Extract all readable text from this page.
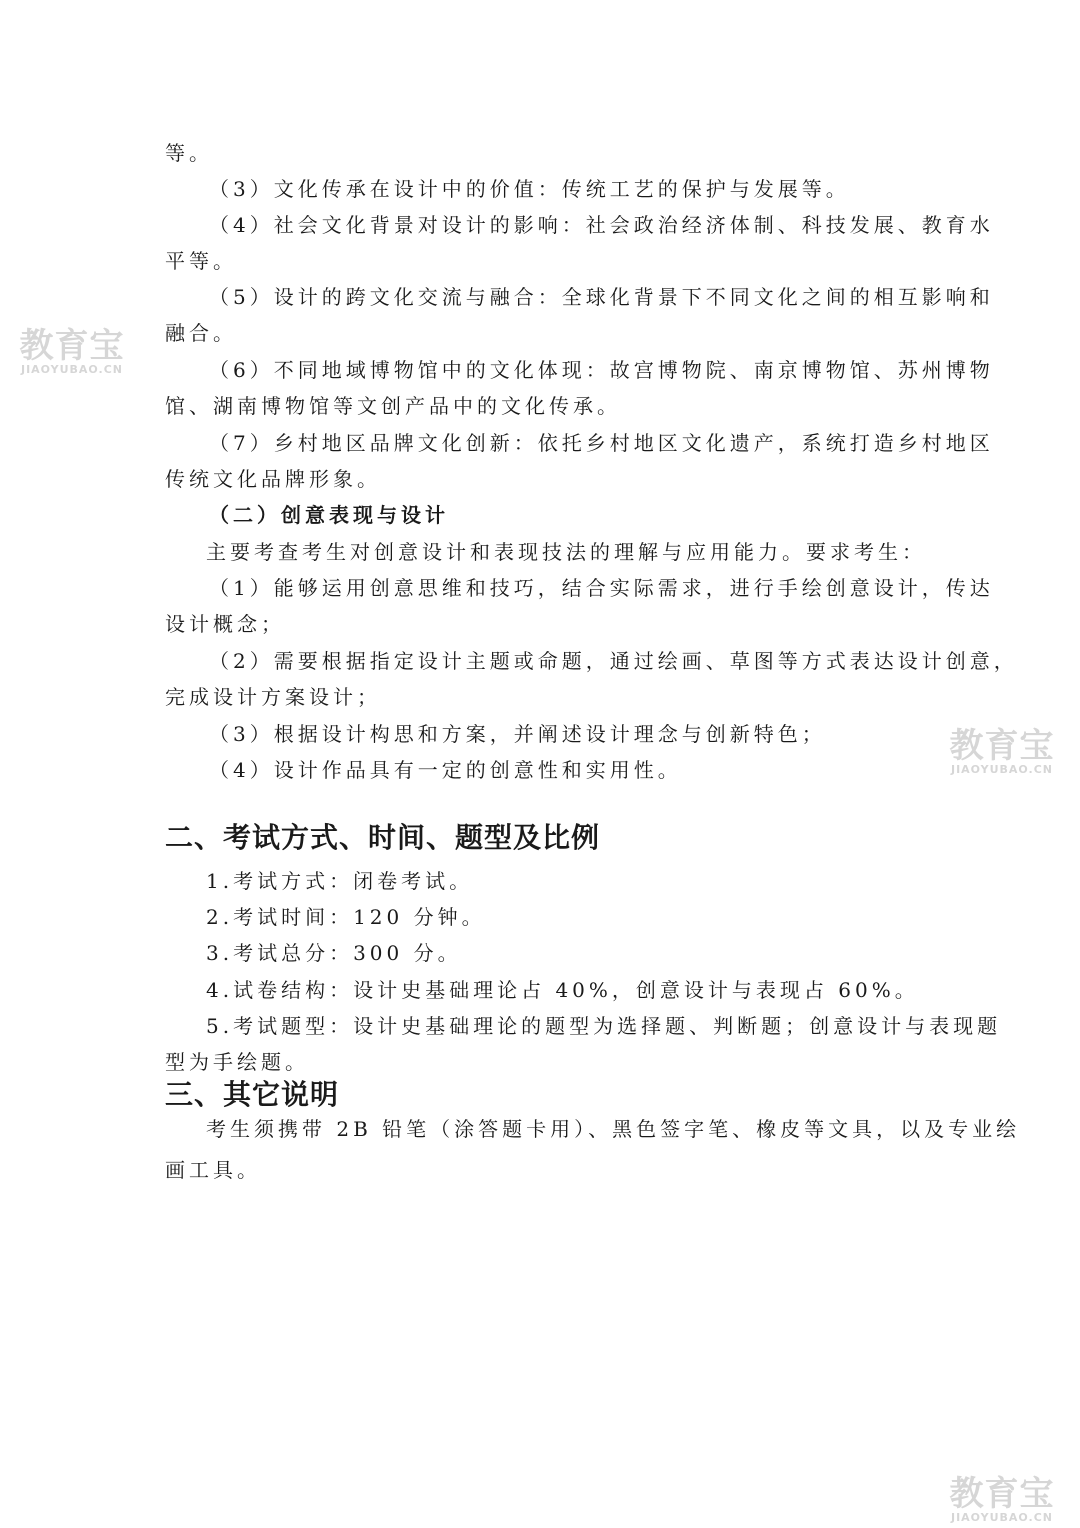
教育宝
JIAOYUBAO.CN
教育宝
JIAOYUBAO.CN
教育宝
JIAOYUBAO.CN
等。
（3）文化传承在设计中的价值：传统工艺的保护与发展等。
（4）社会文化背景对设计的影响：社会政治经济体制、科技发展、教育水
平等。
（5）设计的跨文化交流与融合：全球化背景下不同文化之间的相互影响和
融合。
（6）不同地域博物馆中的文化体现：故宫博物院、南京博物馆、苏州博物
馆、湖南博物馆等文创产品中的文化传承。
（7）乡村地区品牌文化创新：依托乡村地区文化遗产，系统打造乡村地区
传统文化品牌形象。
（二）创意表现与设计
主要考查考生对创意设计和表现技法的理解与应用能力。要求考生：
（1）能够运用创意思维和技巧，结合实际需求，进行手绘创意设计，传达
设计概念；
（2）需要根据指定设计主题或命题，通过绘画、草图等方式表达设计创意，
完成设计方案设计；
（3）根据设计构思和方案，并阐述设计理念与创新特色；
（4）设计作品具有一定的创意性和实用性。
二、考试方式、时间、题型及比例
1.考试方式：闭卷考试。
2.考试时间：120 分钟。
3.考试总分：300 分。
4.试卷结构：设计史基础理论占 40%，创意设计与表现占 60%。
5.考试题型：设计史基础理论的题型为选择题、判断题；创意设计与表现题
型为手绘题。
三、其它说明
考生须携带 2B 铅笔（涂答题卡用）、黑色签字笔、橡皮等文具，以及专业绘
画工具。
